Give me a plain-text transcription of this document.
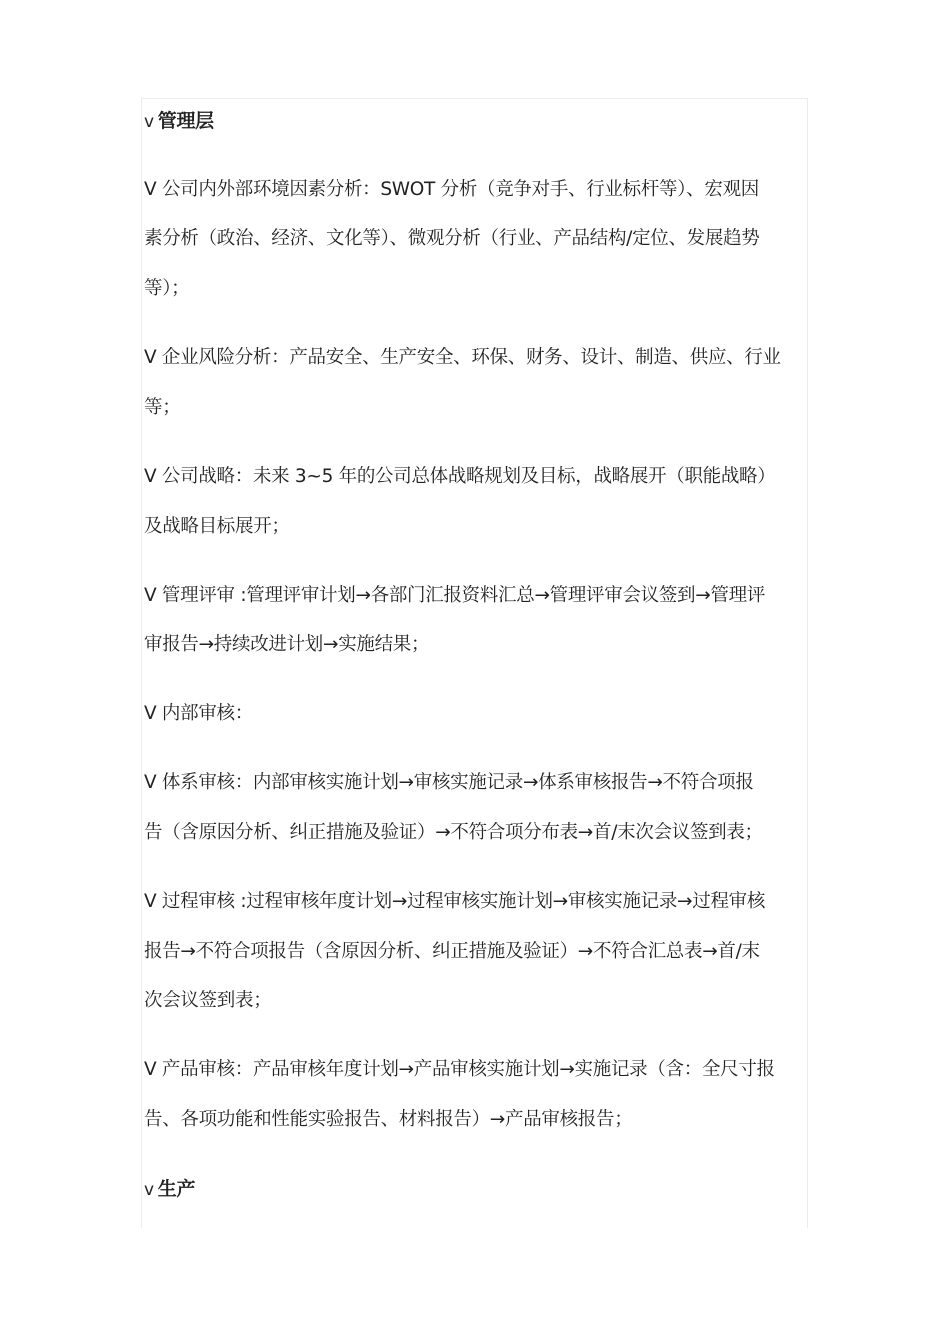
v 管理层
V 公司内外部环境因素分析：SWOT 分析（竞争对手、行业标杆等）、宏观因
素分析（政治、经济、文化等）、微观分析（行业、产品结构/定位、发展趋势
等）；
V 企业风险分析：产品安全、生产安全、环保、财务、设计、制造、供应、行业
等；
V 公司战略：未来 3~5 年的公司总体战略规划及目标，战略展开（职能战略）
及战略目标展开；
V 管理评审 :管理评审计划→各部门汇报资料汇总→管理评审会议签到→管理评
审报告→持续改进计划→实施结果；
V 内部审核：
V 体系审核：内部审核实施计划→审核实施记录→体系审核报告→不符合项报
告（含原因分析、纠正措施及验证）→不符合项分布表→首/末次会议签到表；
V 过程审核 :过程审核年度计划→过程审核实施计划→审核实施记录→过程审核
报告→不符合项报告（含原因分析、纠正措施及验证）→不符合汇总表→首/末
次会议签到表；
V 产品审核：产品审核年度计划→产品审核实施计划→实施记录（含：全尺寸报
告、各项功能和性能实验报告、材料报告）→产品审核报告；
v 生产
